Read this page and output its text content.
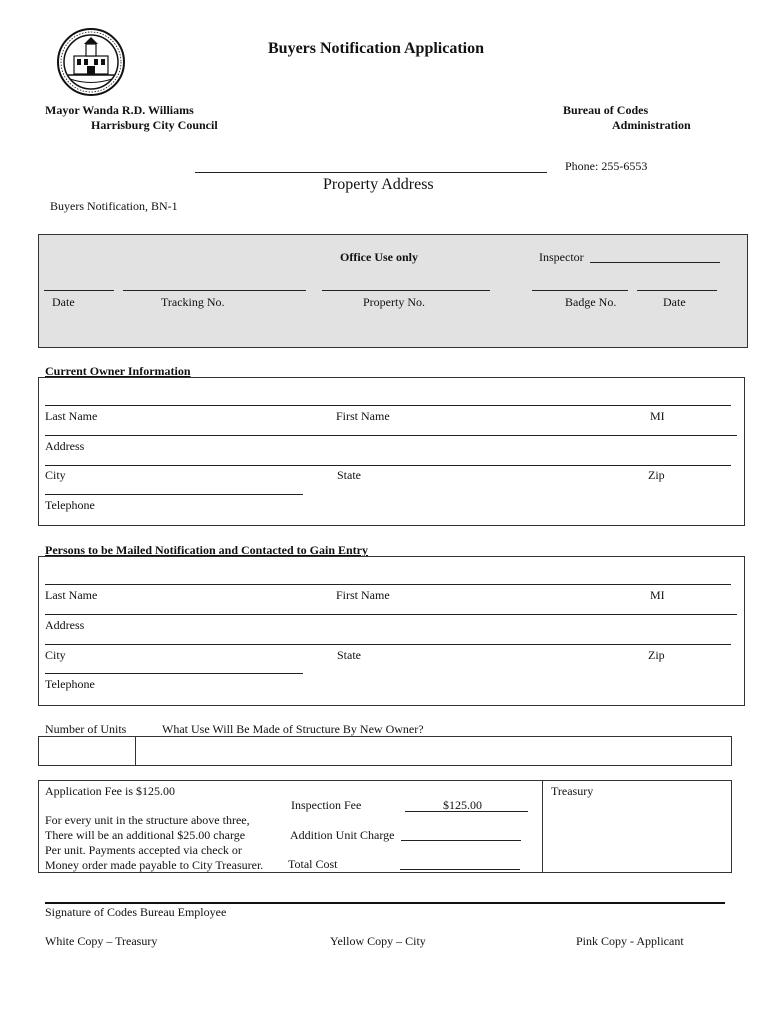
Buyers Notification Application
Mayor Wanda R.D. Williams
Harrisburg City Council
Bureau of Codes
Administration
Phone: 255-6553
Property Address
Buyers Notification, BN-1
Office Use only	Inspector
Date	Tracking No.	Property No.	Badge No.	Date
Current Owner Information
Last Name	First Name	MI
Address
City	State	Zip
Telephone
Persons to be Mailed Notification and Contacted to Gain Entry
Last Name	First Name	MI
Address
City	State	Zip
Telephone
Number of Units	What Use Will Be Made of Structure By New Owner?
Treasury
Application Fee is $125.00
For every unit in the structure above three,
There will be an additional $25.00 charge
Per unit. Payments accepted via check or
Money order made payable to City Treasurer.
Inspection Fee	$125.00
Addition Unit Charge
Total Cost
Signature of Codes Bureau Employee
White Copy – Treasury	Yellow Copy – City	Pink Copy - Applicant
